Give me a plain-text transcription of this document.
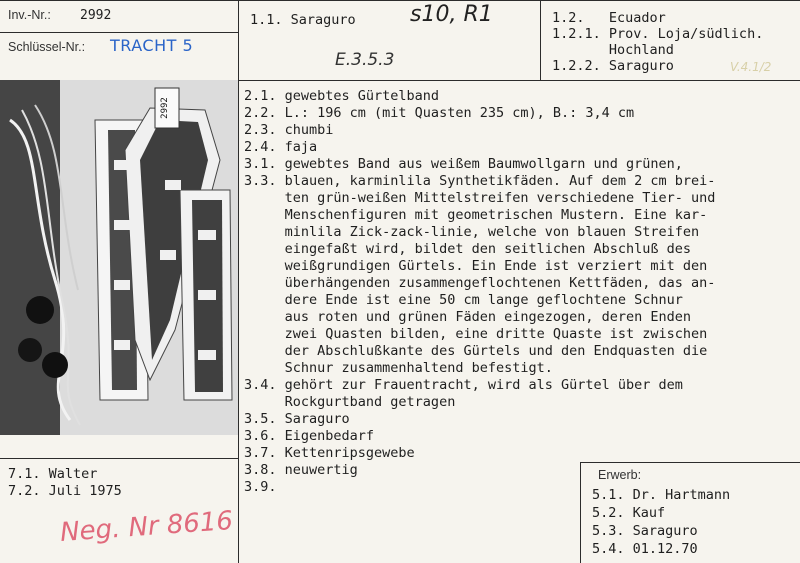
Inv.-Nr.: 2992
Schlüssel-Nr.: TRACHT 5
1.1. Saraguro s10, R1
E.3.5.3
1.2.   Ecuador
1.2.1. Prov. Loja/südlich.
Hochland
1.2.2. Saraguro	V.4.1/2
2992
2.1. gewebtes Gürtelband
2.2. L.: 196 cm (mit Quasten 235 cm), B.: 3,4 cm
2.3. chumbi
2.4. faja
3.1. gewebtes Band aus weißem Baumwollgarn und grünen,
3.3. blauen, karminlila Synthetikfäden. Auf dem 2 cm brei-
ten grün-weißen Mittelstreifen verschiedene Tier- und
Menschenfiguren mit geometrischen Mustern. Eine kar-
minlila Zick-zack-linie, welche von blauen Streifen
eingefaßt wird, bildet den seitlichen Abschluß des
weißgrundigen Gürtels. Ein Ende ist verziert mit den
überhängenden zusammengeflochtenen Kettfäden, das an-
dere Ende ist eine 50 cm lange geflochtene Schnur
aus roten und grünen Fäden eingezogen, deren Enden
zwei Quasten bilden, eine dritte Quaste ist zwischen
der Abschlußkante des Gürtels und den Endquasten die
Schnur zusammenhaltend befestigt.
3.4. gehört zur Frauentracht, wird als Gürtel über dem
Rockgurtband getragen
3.5. Saraguro
3.6. Eigenbedarf
3.7. Kettenripsgewebe
3.8. neuwertig
3.9.
7.1. Walter
7.2. Juli 1975
Neg. Nr 8616
Erwerb:
5.1. Dr. Hartmann
5.2. Kauf
5.3. Saraguro
5.4. 01.12.70
